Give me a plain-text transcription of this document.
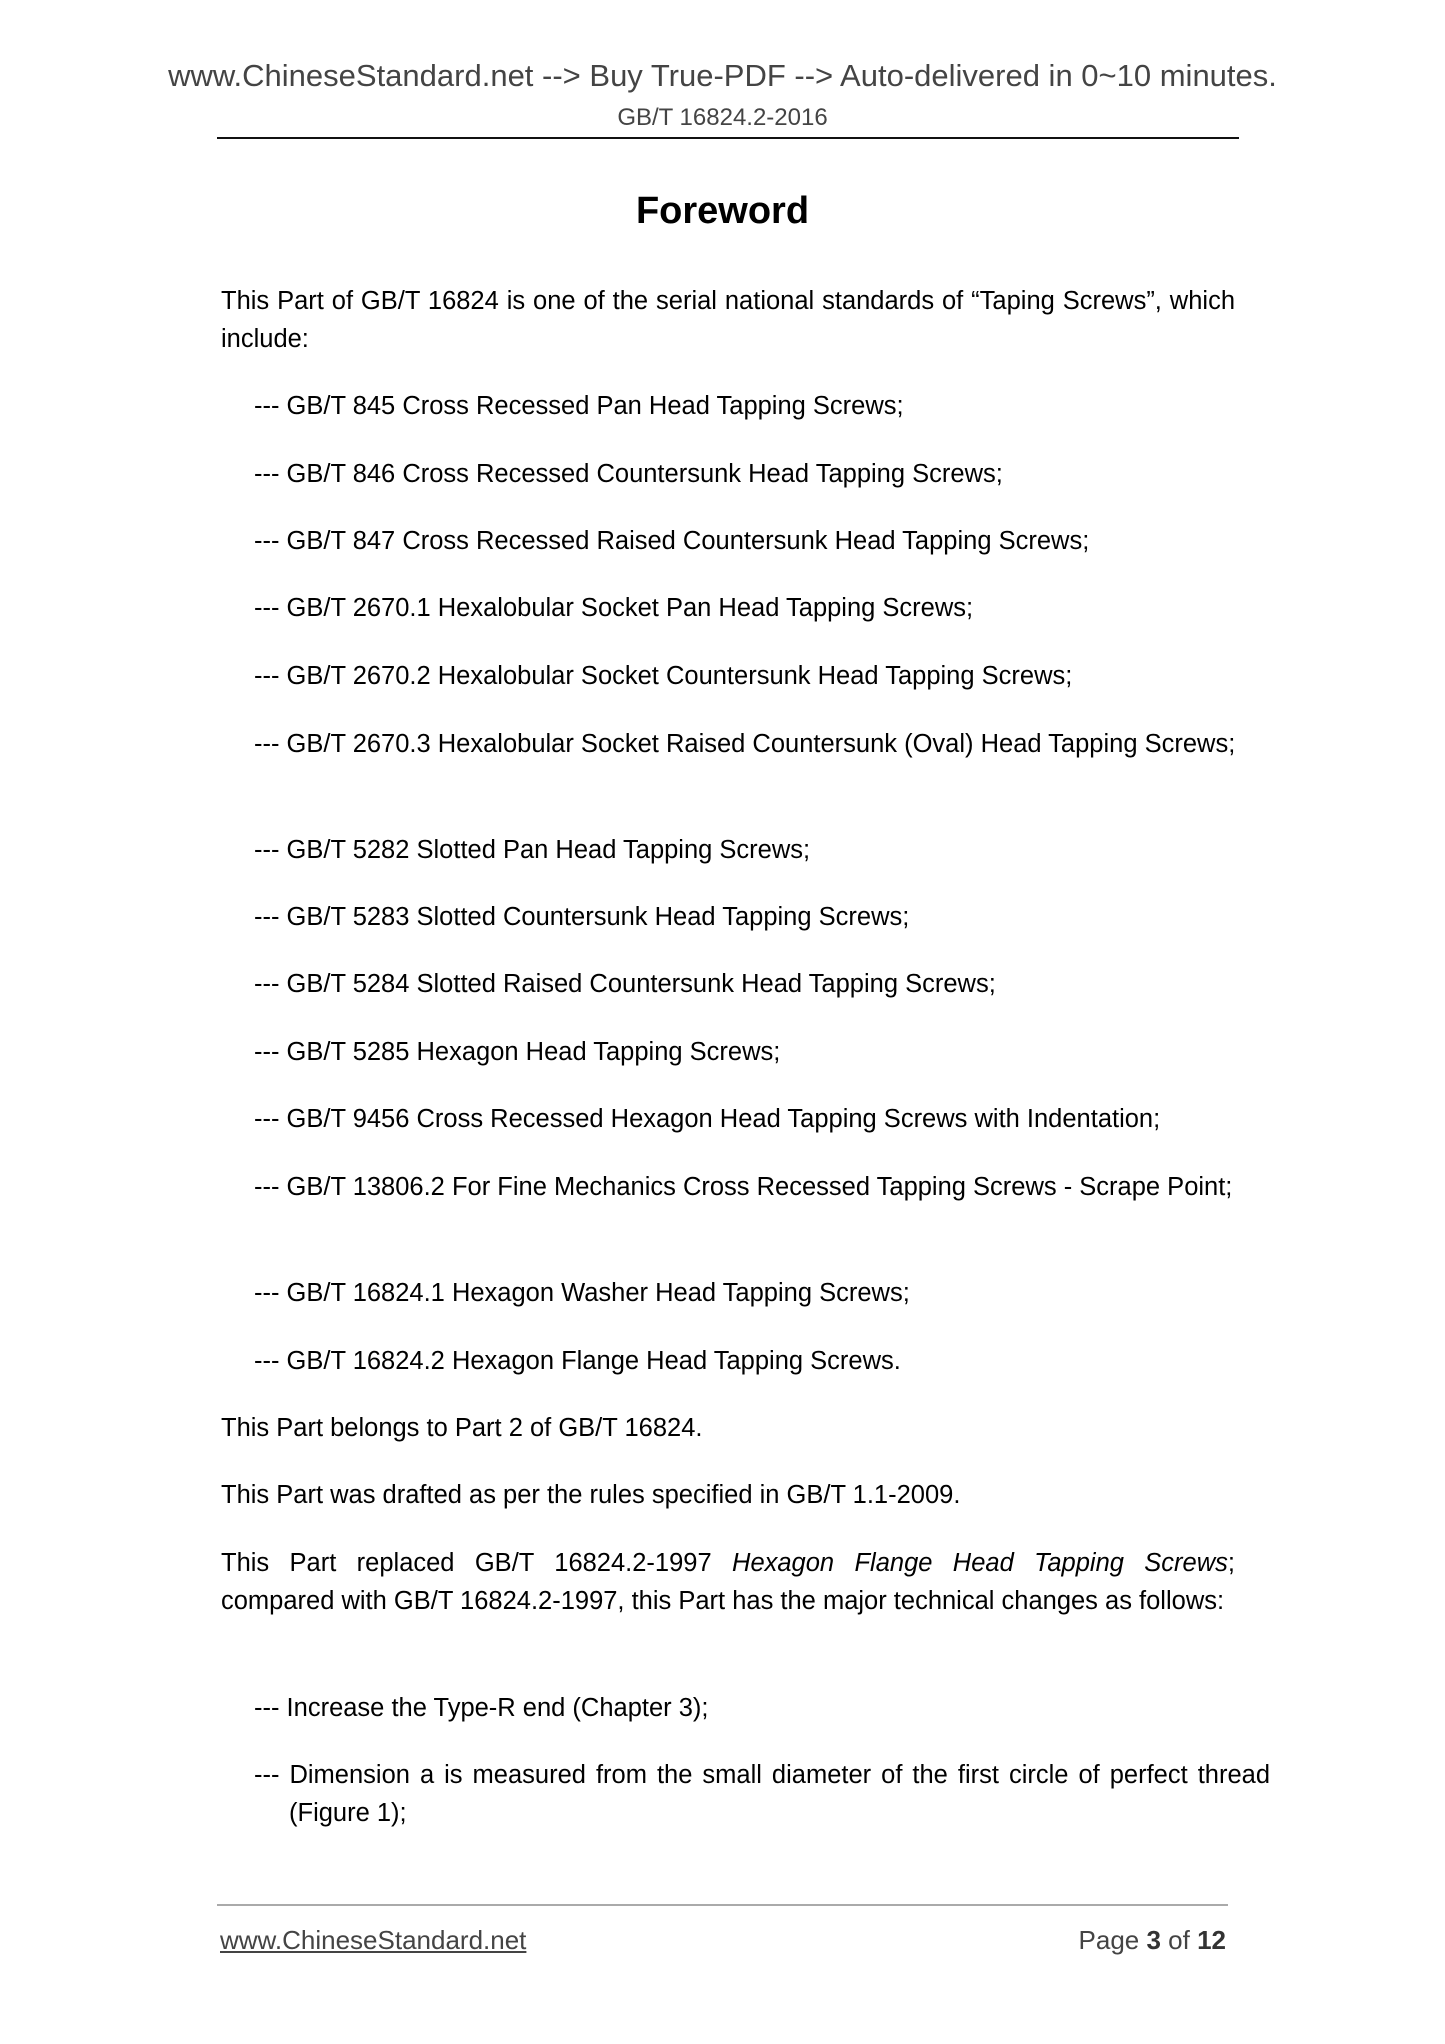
www.ChineseStandard.net --> Buy True-PDF --> Auto-delivered in 0~10 minutes.
GB/T 16824.2-2016
Foreword
This Part of GB/T 16824 is one of the serial national standards of “Taping Screws”, which include:
--- GB/T 845 Cross Recessed Pan Head Tapping Screws;
--- GB/T 846 Cross Recessed Countersunk Head Tapping Screws;
--- GB/T 847 Cross Recessed Raised Countersunk Head Tapping Screws;
--- GB/T 2670.1 Hexalobular Socket Pan Head Tapping Screws;
--- GB/T 2670.2 Hexalobular Socket Countersunk Head Tapping Screws;
--- GB/T 2670.3 Hexalobular Socket Raised Countersunk (Oval) Head Tapping Screws;
--- GB/T 5282 Slotted Pan Head Tapping Screws;
--- GB/T 5283 Slotted Countersunk Head Tapping Screws;
--- GB/T 5284 Slotted Raised Countersunk Head Tapping Screws;
--- GB/T 5285 Hexagon Head Tapping Screws;
--- GB/T 9456 Cross Recessed Hexagon Head Tapping Screws with Indentation;
--- GB/T 13806.2 For Fine Mechanics Cross Recessed Tapping Screws - Scrape Point;
--- GB/T 16824.1 Hexagon Washer Head Tapping Screws;
--- GB/T 16824.2 Hexagon Flange Head Tapping Screws.
This Part belongs to Part 2 of GB/T 16824.
This Part was drafted as per the rules specified in GB/T 1.1-2009.
This Part replaced GB/T 16824.2-1997 Hexagon Flange Head Tapping Screws; compared with GB/T 16824.2-1997, this Part has the major technical changes as follows:
--- Increase the Type-R end (Chapter 3);
--- Dimension a is measured from the small diameter of the first circle of perfect thread (Figure 1);
www.ChineseStandard.net	Page 3 of 12
